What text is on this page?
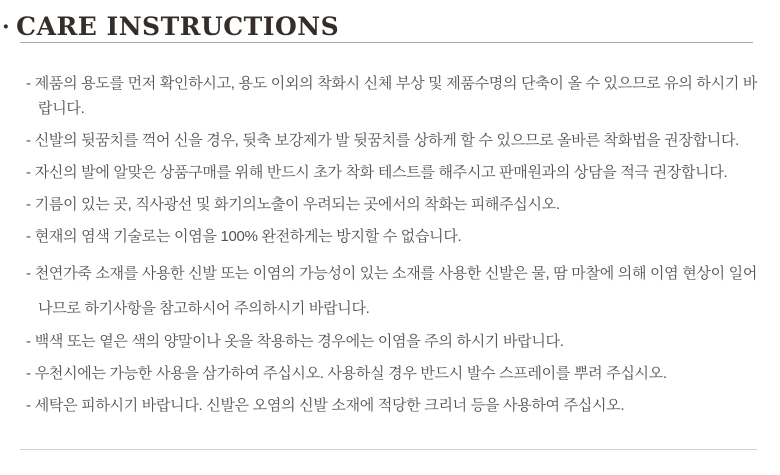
· CARE INSTRUCTIONS
- 제품의 용도를 먼저 확인하시고, 용도 이외의 착화시 신체 부상 및 제품수명의 단축이 올 수 있으므로 유의 하시기 바랍니다.
- 신발의 뒷꿈치를 꺽어 신을 경우, 뒷축 보강제가 발 뒷꿈치를 상하게 할 수 있으므로 올바른 착화법을 권장합니다.
- 자신의 발에 알맞은 상품구매를 위해 반드시 초가 착화 테스트를 해주시고 판매원과의 상담을 적극 권장합니다.
- 기름이 있는 곳, 직사광선 및 화기의노출이 우려되는 곳에서의 착화는 피해주십시오.
- 현재의 염색 기술로는 이염을 100% 완전하게는 방지할 수 없습니다.
- 천연가죽 소재를 사용한 신발 또는 이염의 가능성이 있는 소재를 사용한 신발은 물, 땀 마찰에 의해 이염 현상이 일어나므로 하기사항을 참고하시어 주의하시기 바랍니다.
- 백색 또는 옅은 색의 양말이나 옷을 착용하는 경우에는 이염을 주의 하시기 바랍니다.
- 우천시에는 가능한 사용을 삼가하여 주십시오. 사용하실 경우 반드시 발수 스프레이를 뿌려 주십시오.
- 세탁은 피하시기 바랍니다. 신발은 오염의 신발 소재에 적당한 크리너 등을 사용하여 주십시오.
